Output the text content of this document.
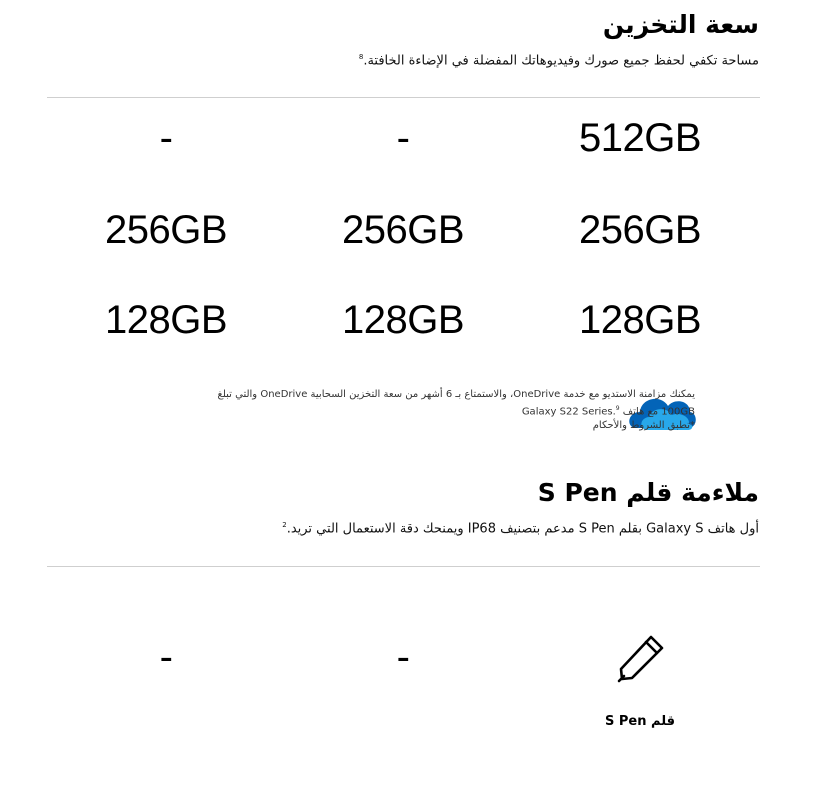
سعة التخزين

مساحة تكفي لحفظ جميع صورك وفيديوهاتك المفضلة في الإضاءة الخافتة.$^8$

512GB
-
-
256GB
256GB
256GB
128GB
128GB
128GB
يمكنك مزامنة الاستديو مع خدمة OneDrive، والاستمتاع بـ 6 أشهر من سعة التخزين السحابية OneDrive والتي تبلغ
100GB مع هاتف Galaxy S22 Series.$^9$
*تطبق الشروط والأحكام
ملاءمة قلم S Pen

أول هاتف Galaxy S بقلم S Pen مدعم بتصنيف IP68 ويمنحك دقة الاستعمال التي تريد.$^2$

قلم S Pen
-
-
